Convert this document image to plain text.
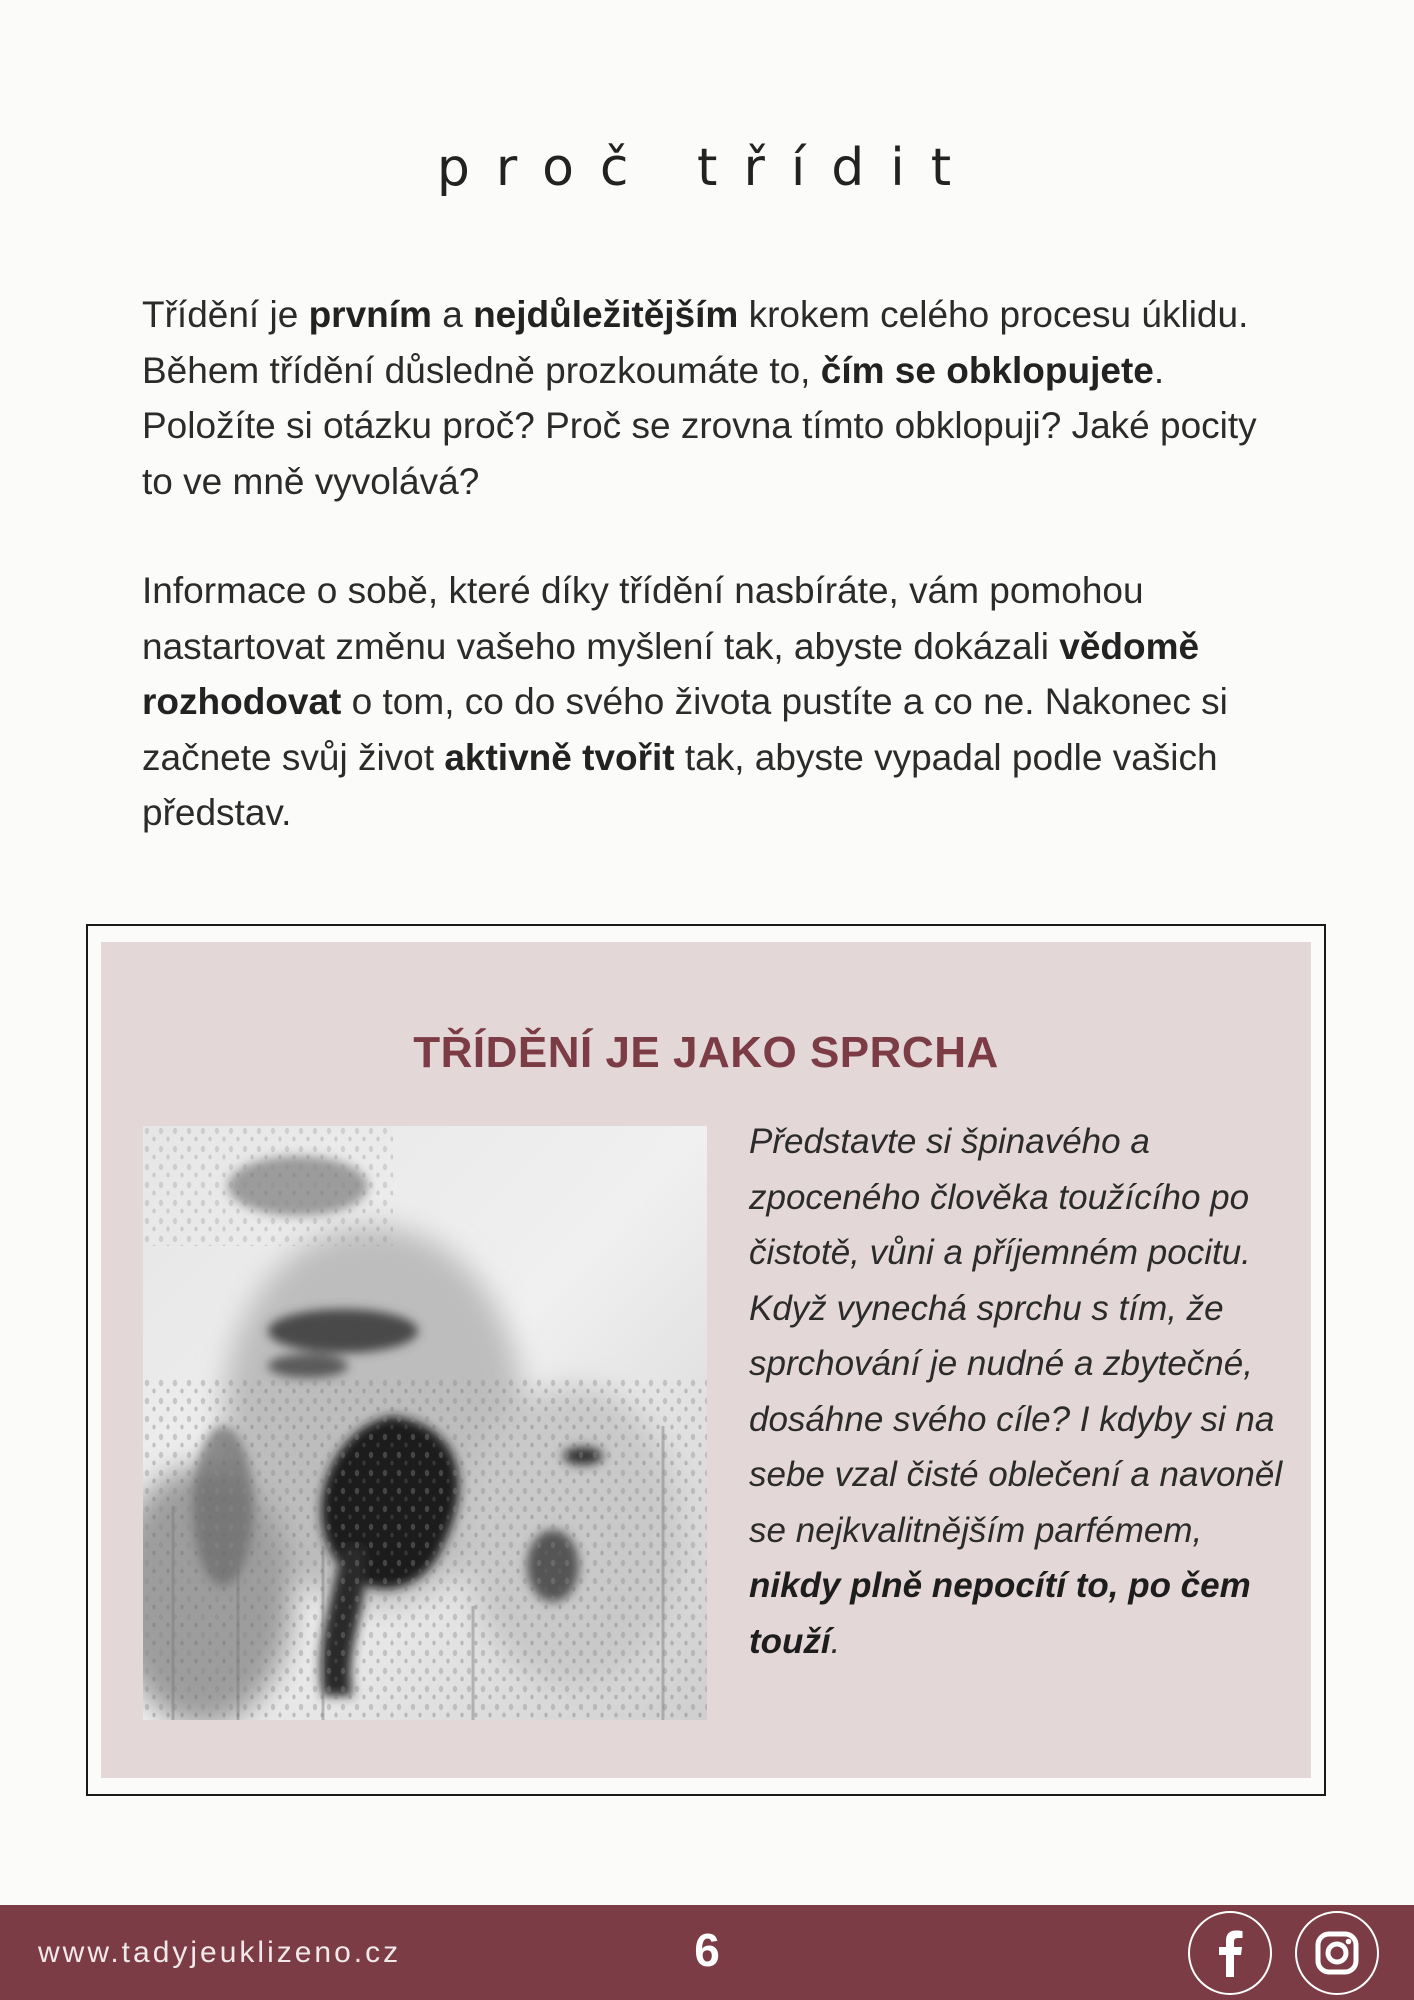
proč třídit

Třídění je prvním a nejdůležitějším krokem celého procesu úklidu. Během třídění důsledně prozkoumáte to, čím se obklopujete. Položíte si otázku proč? Proč se zrovna tímto obklopuji? Jaké pocity to ve mně vyvolává?

Informace o sobě, které díky třídění nasbíráte, vám pomohou nastartovat změnu vašeho myšlení tak, abyste dokázali vědomě rozhodovat o tom, co do svého života pustíte a co ne. Nakonec si začnete svůj život aktivně tvořit tak, abyste vypadal podle vašich představ.

TŘÍDĚNÍ JE JAKO SPRCHA

Představte si špinavého a zpoceného člověka toužícího po čistotě, vůni a příjemném pocitu. Když vynechá sprchu s tím, že sprchování je nudné a zbytečné, dosáhne svého cíle? I kdyby si na sebe vzal čisté oblečení a navoněl se nejkvalitnějším parfémem, nikdy plně nepocítí to, po čem touží.

www.tadyjeuklizeno.cz	6
